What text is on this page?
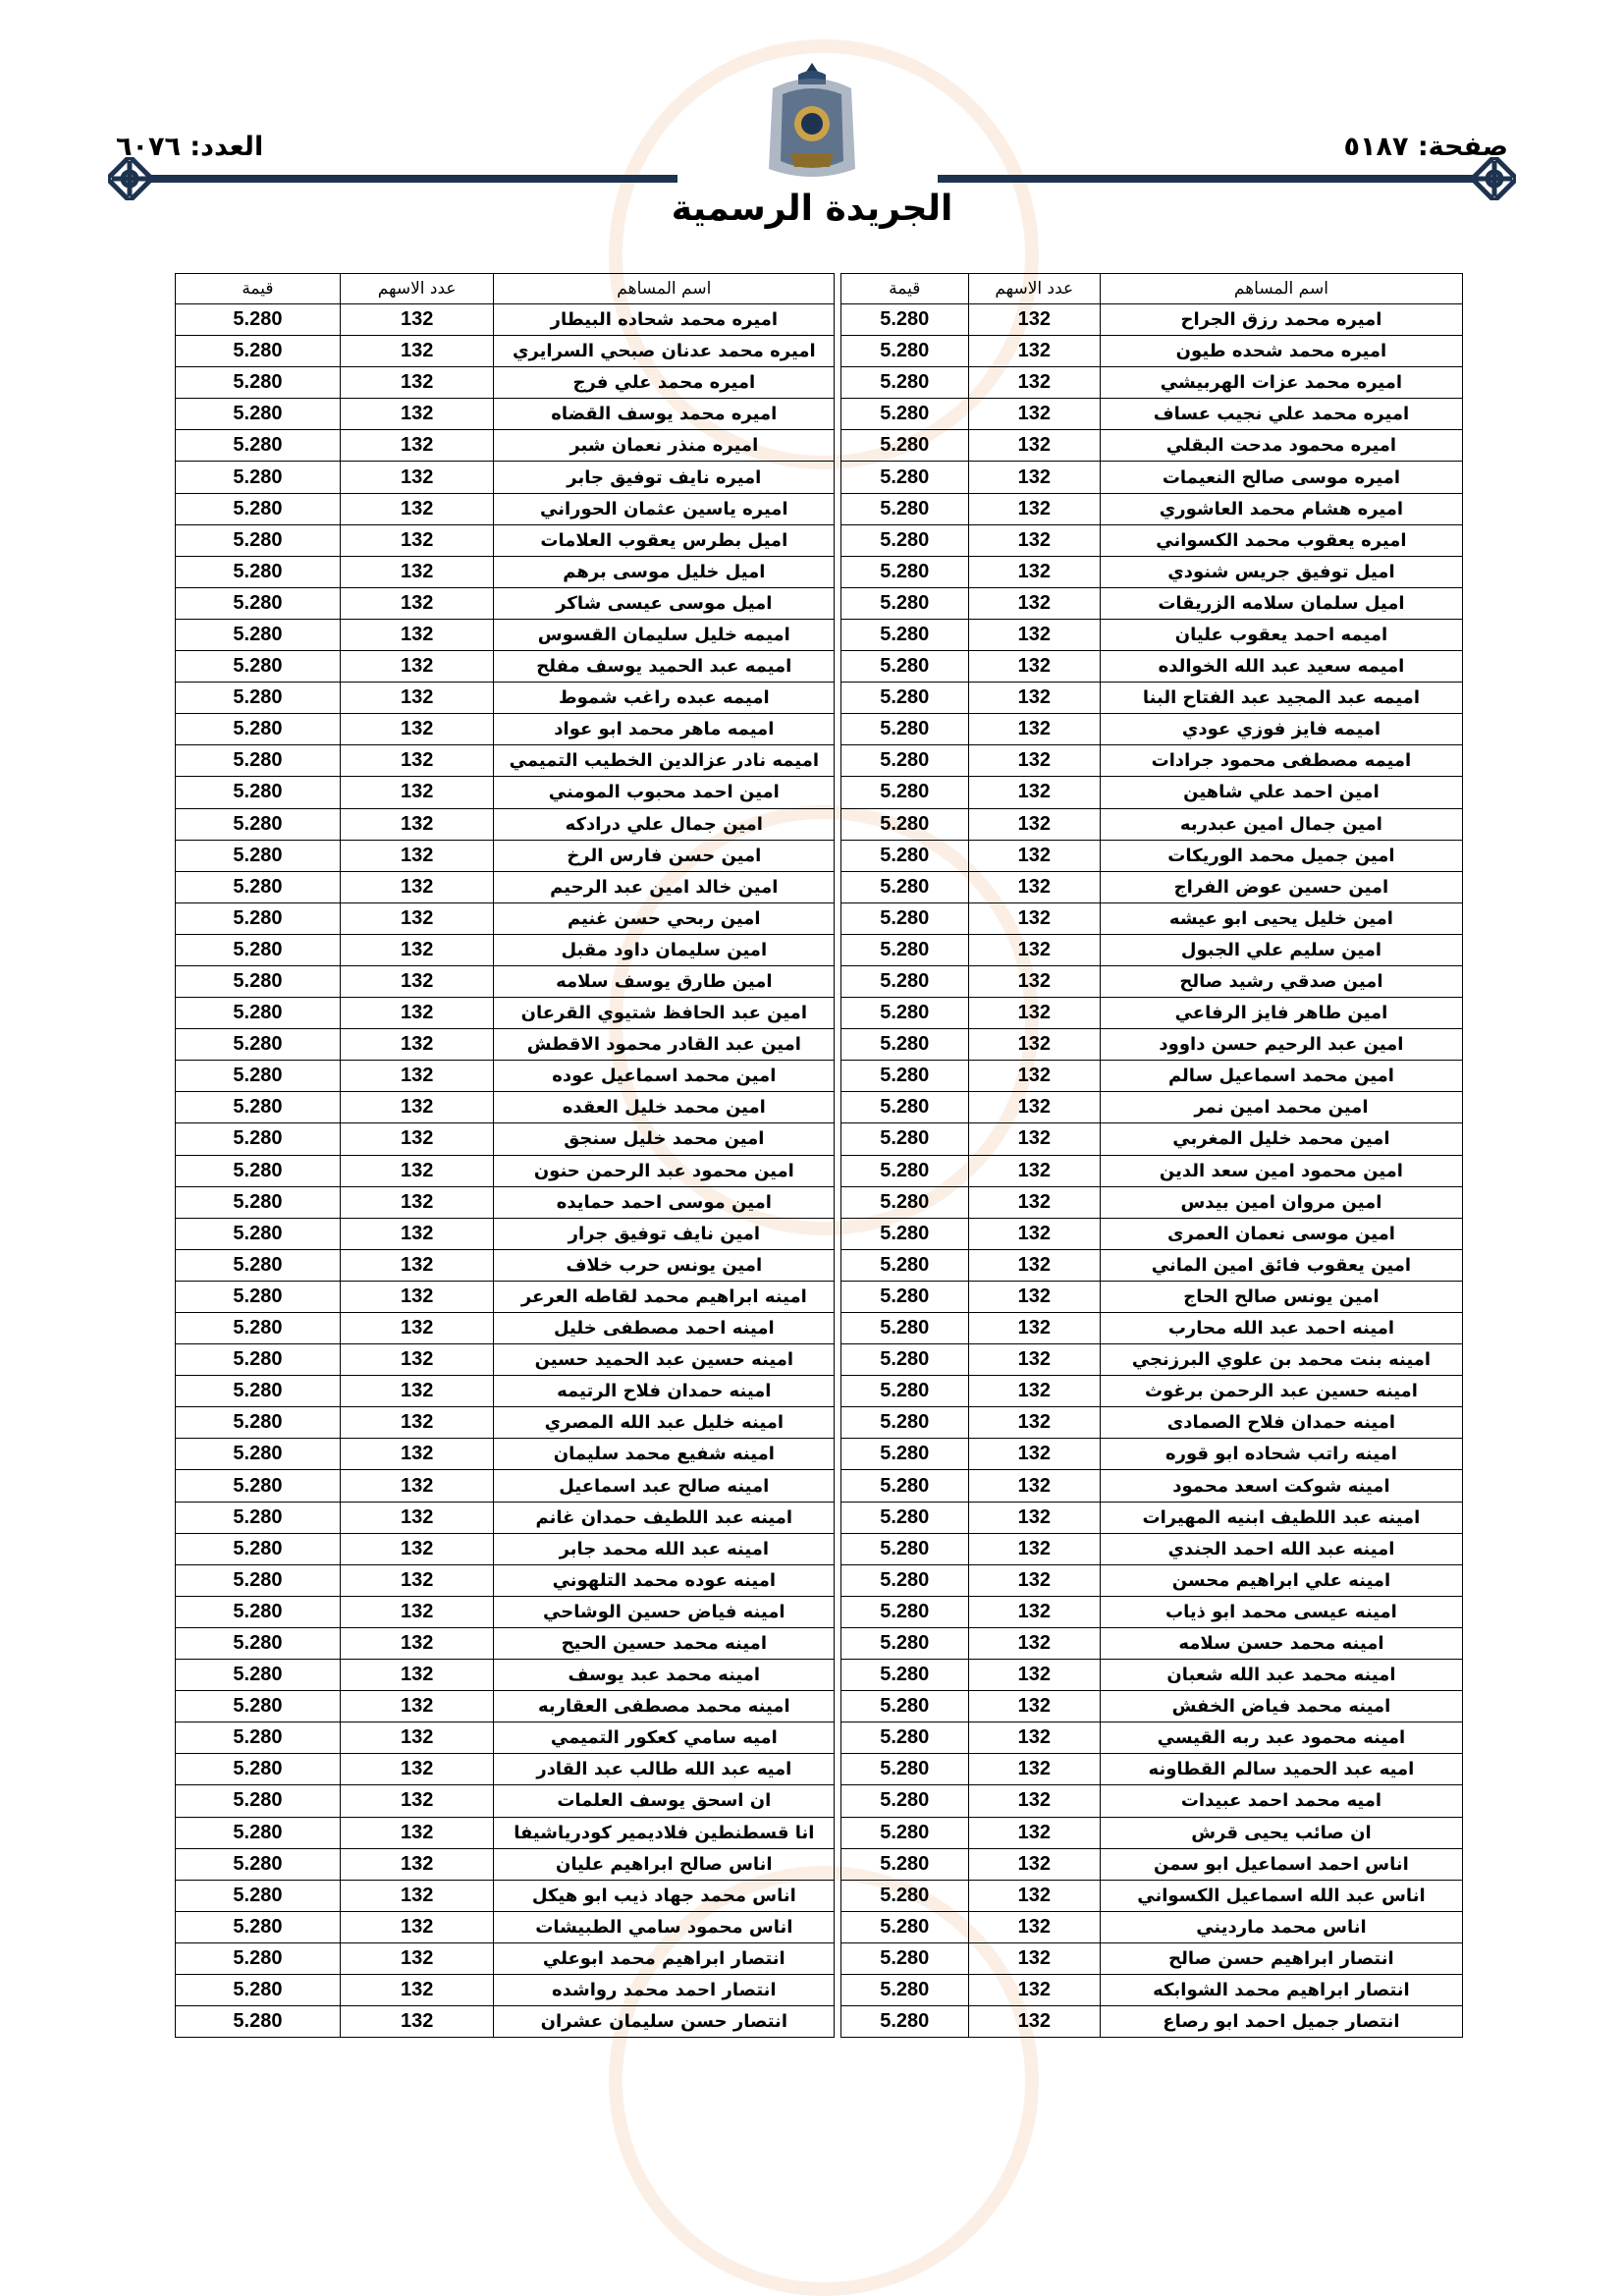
العدد: ٦٠٧٦	صفحة: ٥١٨٧
الجريدة الرسمية
اسم المساهم	عدد الاسهم	قيمة		اسم المساهم	عدد الاسهم	قيمة
اميره محمد رزق الجراح	132	5.280		اميره محمد شحاده البيطار	132	5.280
اميره محمد شحده طيون	132	5.280		اميره محمد عدنان صبحي السرايري	132	5.280
اميره محمد عزات الهربيشي	132	5.280		اميره محمد علي فرج	132	5.280
اميره محمد علي نجيب عساف	132	5.280		اميره محمد يوسف القضاه	132	5.280
اميره محمود مدحت البقلي	132	5.280		اميره منذر نعمان شبر	132	5.280
اميره موسى صالح النعيمات	132	5.280		اميره نايف توفيق جابر	132	5.280
اميره هشام محمد العاشوري	132	5.280		اميره ياسين عثمان الحوراني	132	5.280
اميره يعقوب محمد الكسواني	132	5.280		اميل بطرس يعقوب العلامات	132	5.280
اميل توفيق جريس شنودي	132	5.280		اميل خليل موسى برهم	132	5.280
اميل سلمان سلامه الزريقات	132	5.280		اميل موسى عيسى شاكر	132	5.280
اميمه احمد يعقوب عليان	132	5.280		اميمه خليل سليمان القسوس	132	5.280
اميمه سعيد عبد الله الخوالده	132	5.280		اميمه عبد الحميد يوسف مفلح	132	5.280
اميمه عبد المجيد عبد الفتاح البنا	132	5.280		اميمه عبده راغب شموط	132	5.280
اميمه فايز فوزي عودي	132	5.280		اميمه ماهر محمد ابو عواد	132	5.280
اميمه مصطفى محمود جرادات	132	5.280		اميمه نادر عزالدين الخطيب التميمي	132	5.280
امين احمد علي شاهين	132	5.280		امين احمد محبوب المومني	132	5.280
امين جمال امين عبدربه	132	5.280		امين جمال علي درادكه	132	5.280
امين جميل محمد الوريكات	132	5.280		امين حسن فارس الرخ	132	5.280
امين حسين عوض الفراج	132	5.280		امين خالد امين عبد الرحيم	132	5.280
امين خليل يحيى ابو عيشه	132	5.280		امين ربحي حسن غنيم	132	5.280
امين سليم علي الجبول	132	5.280		امين سليمان داود مقبل	132	5.280
امين صدقي رشيد صالح	132	5.280		امين طارق يوسف سلامه	132	5.280
امين طاهر فايز الرفاعي	132	5.280		امين عبد الحافظ شتيوي القرعان	132	5.280
امين عبد الرحيم حسن داوود	132	5.280		امين عبد القادر محمود الاقطش	132	5.280
امين محمد اسماعيل سالم	132	5.280		امين محمد اسماعيل عوده	132	5.280
امين محمد امين نمر	132	5.280		امين محمد خليل العقده	132	5.280
امين محمد خليل المغربي	132	5.280		امين محمد خليل سنجق	132	5.280
امين محمود امين سعد الدين	132	5.280		امين محمود عبد الرحمن حنون	132	5.280
امين مروان امين بيدس	132	5.280		امين موسى احمد حمايده	132	5.280
امين موسى نعمان العمرى	132	5.280		امين نايف توفيق جرار	132	5.280
امين يعقوب فائق امين الماني	132	5.280		امين يونس حرب خلاف	132	5.280
امين يونس صالح الحاج	132	5.280		امينه ابراهيم محمد لقاطه العرعر	132	5.280
امينه احمد عبد الله محارب	132	5.280		امينه احمد مصطفى خليل	132	5.280
امينه بنت محمد بن علوي البرزنجي	132	5.280		امينه حسين عبد الحميد حسين	132	5.280
امينه حسين عبد الرحمن برغوث	132	5.280		امينه حمدان فلاح الرتيمه	132	5.280
امينه حمدان فلاح الصمادى	132	5.280		امينه خليل عبد الله المصري	132	5.280
امينه راتب شحاده ابو قوره	132	5.280		امينه شفيع محمد سليمان	132	5.280
امينه شوكت اسعد محمود	132	5.280		امينه صالح عبد اسماعيل	132	5.280
امينه عبد اللطيف ابنيه المهيرات	132	5.280		امينه عبد اللطيف حمدان غانم	132	5.280
امينه عبد الله احمد الجندي	132	5.280		امينه عبد الله محمد جابر	132	5.280
امينه علي ابراهيم محسن	132	5.280		امينه عوده محمد التلهوني	132	5.280
امينه عيسى محمد ابو ذياب	132	5.280		امينه فياض حسين الوشاحي	132	5.280
امينه محمد حسن سلامه	132	5.280		امينه محمد حسين الحيح	132	5.280
امينه محمد عبد الله شعبان	132	5.280		امينه محمد عبد يوسف	132	5.280
امينه محمد فياض الخفش	132	5.280		امينه محمد مصطفى العقاربه	132	5.280
امينه محمود عبد ربه القيسي	132	5.280		اميه سامي كعكور التميمي	132	5.280
اميه عبد الحميد سالم القطاونه	132	5.280		اميه عبد الله طالب عبد القادر	132	5.280
اميه محمد احمد عبيدات	132	5.280		ان اسحق يوسف العلمات	132	5.280
ان صائب يحيى قرش	132	5.280		انا قسطنطين فلاديمير كودرياشيفا	132	5.280
اناس احمد اسماعيل ابو سمن	132	5.280		اناس صالح ابراهيم عليان	132	5.280
اناس عبد الله اسماعيل الكسواني	132	5.280		اناس محمد جهاد ذيب ابو هيكل	132	5.280
اناس محمد مارديني	132	5.280		اناس محمود سامي الطبيشات	132	5.280
انتصار ابراهيم حسن صالح	132	5.280		انتصار ابراهيم محمد ابوعلي	132	5.280
انتصار ابراهيم محمد الشوابكه	132	5.280		انتصار احمد محمد رواشده	132	5.280
انتصار جميل احمد ابو رصاع	132	5.280		انتصار حسن سليمان عشران	132	5.280
